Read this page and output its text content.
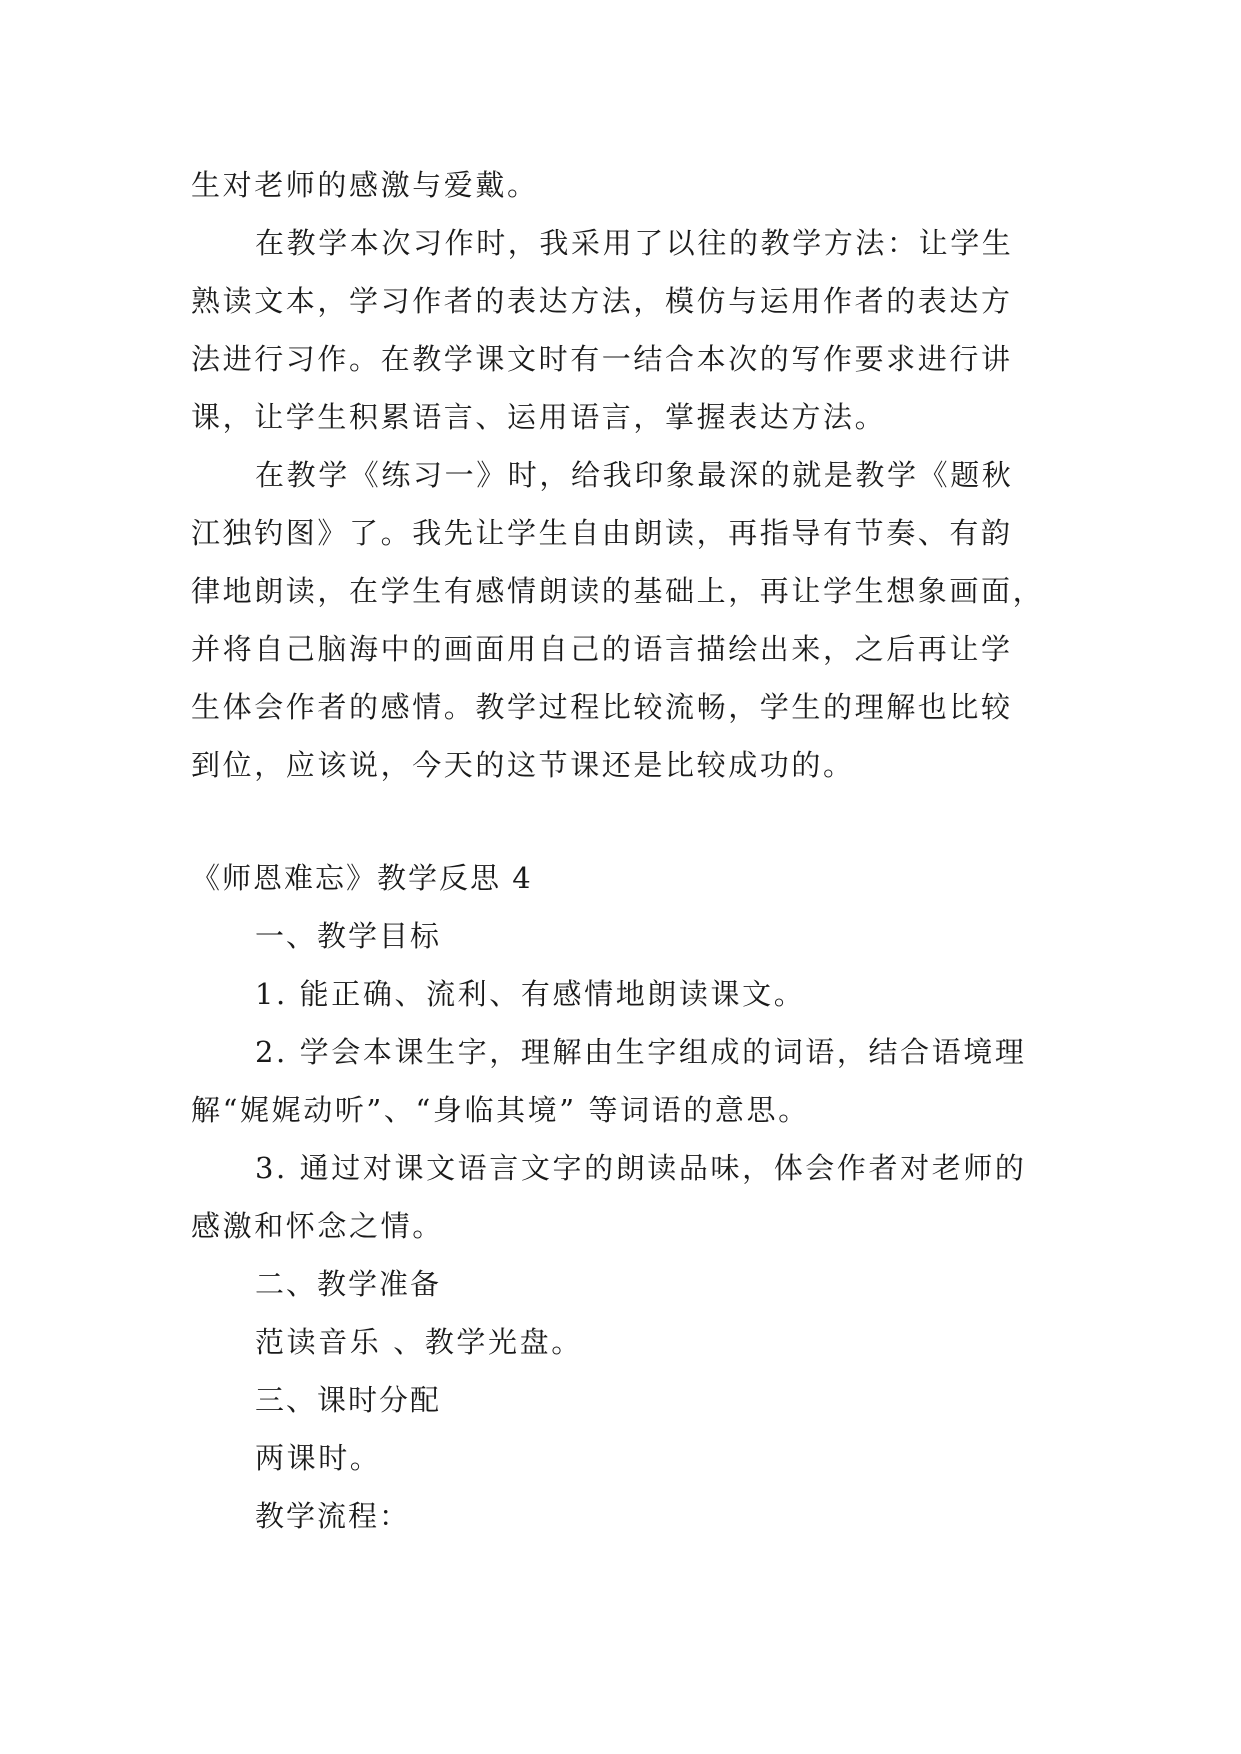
生对老师的感激与爱戴。
在教学本次习作时，我采用了以往的教学方法：让学生
熟读文本，学习作者的表达方法，模仿与运用作者的表达方
法进行习作。在教学课文时有一结合本次的写作要求进行讲
课，让学生积累语言、运用语言，掌握表达方法。
在教学《练习一》时，给我印象最深的就是教学《题秋
江独钓图》了。我先让学生自由朗读，再指导有节奏、有韵
律地朗读，在学生有感情朗读的基础上，再让学生想象画面，
并将自己脑海中的画面用自己的语言描绘出来，之后再让学
生体会作者的感情。教学过程比较流畅，学生的理解也比较
到位，应该说，今天的这节课还是比较成功的。
《师恩难忘》教学反思 4
一、教学目标
1. 能正确、流利、有感情地朗读课文。
2. 学会本课生字，理解由生字组成的词语，结合语境理
解“娓娓动听”、“身临其境” 等词语的意思。
3. 通过对课文语言文字的朗读品味，体会作者对老师的
感激和怀念之情。
二、教学准备
范读音乐 、教学光盘。
三、课时分配
两课时。
教学流程：
